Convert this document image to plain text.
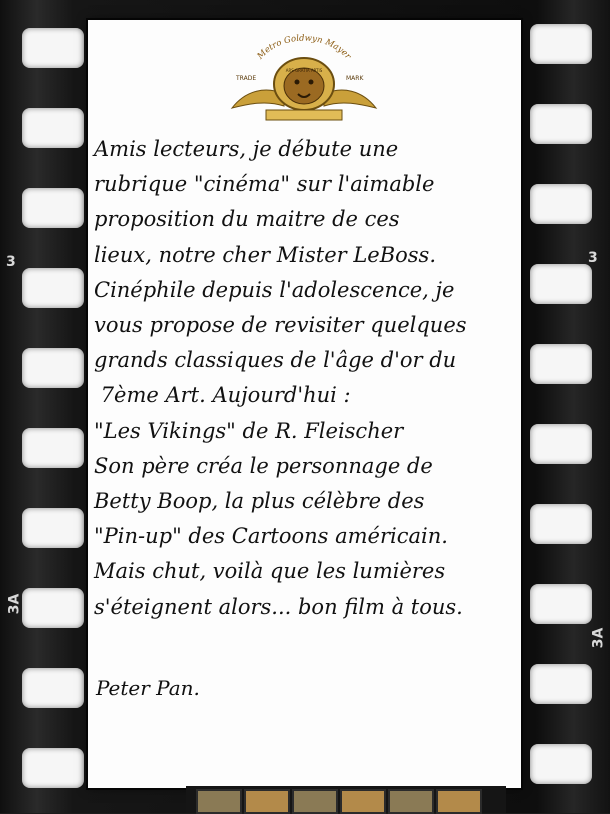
3
3A
3
3A
Metro Goldwyn Mayer
ARS GRATIA ARTIS
TRADE	MARK
Amis lecteurs, je débute une
rubrique "cinéma" sur l'aimable
proposition du maitre de ces
lieux, notre cher Mister LeBoss.
Cinéphile depuis l'adolescence, je
vous propose de revisiter quelques
grands classiques de l'âge d'or du
7ème Art. Aujourd'hui :
"Les Vikings" de R. Fleischer
Son père créa le personnage de
Betty Boop, la plus célèbre des
"Pin-up" des Cartoons américain.
Mais chut, voilà que les lumières
s'éteignent alors... bon film à tous.
Peter Pan.
